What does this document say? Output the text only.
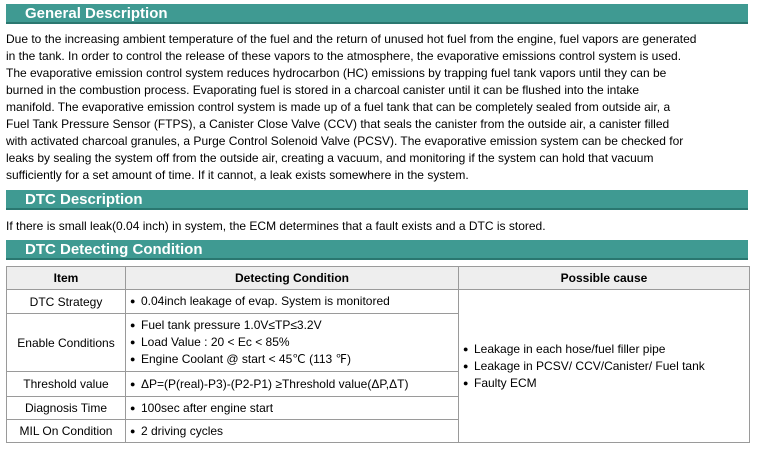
General Description

Due to the increasing ambient temperature of the fuel and the return of unused hot fuel from the engine, fuel vapors are generated
in the tank. In order to control the release of these vapors to the atmosphere, the evaporative emissions control system is used.
The evaporative emission control system reduces hydrocarbon (HC) emissions by trapping fuel tank vapors until they can be
burned in the combustion process. Evaporating fuel is stored in a charcoal canister until it can be flushed into the intake
manifold. The evaporative emission control system is made up of a fuel tank that can be completely sealed from outside air, a
Fuel Tank Pressure Sensor (FTPS), a Canister Close Valve (CCV) that seals the canister from the outside air, a canister filled
with activated charcoal granules, a Purge Control Solenoid Valve (PCSV). The evaporative emission system can be checked for
leaks by sealing the system off from the outside air, creating a vacuum, and monitoring if the system can hold that vacuum
sufficiently for a set amount of time. If it cannot, a leak exists somewhere in the system.

DTC Description

If there is small leak(0.04 inch) in system, the ECM determines that a fault exists and a DTC is stored.

DTC Detecting Condition
Item	Detecting Condition	Possible cause
DTC Strategy	● 0.04inch leakage of evap. System is monitored	● Leakage in each hose/fuel filler pipe
● Leakage in PCSV/ CCV/Canister/ Fuel tank
● Faulty ECM

Enable Conditions	● Fuel tank pressure 1.0V≤TP≤3.2V
● Load Value : 20 < Ec < 85%
● Engine Coolant @ start < 45℃ (113 ℉)	

Threshold value	● ΔP=(P(real)-P3)-(P2-P1) ≥Threshold value(ΔP,ΔT)	

Diagnosis Time	● 100sec after engine start	

MIL On Condition	● 2 driving cycles	
